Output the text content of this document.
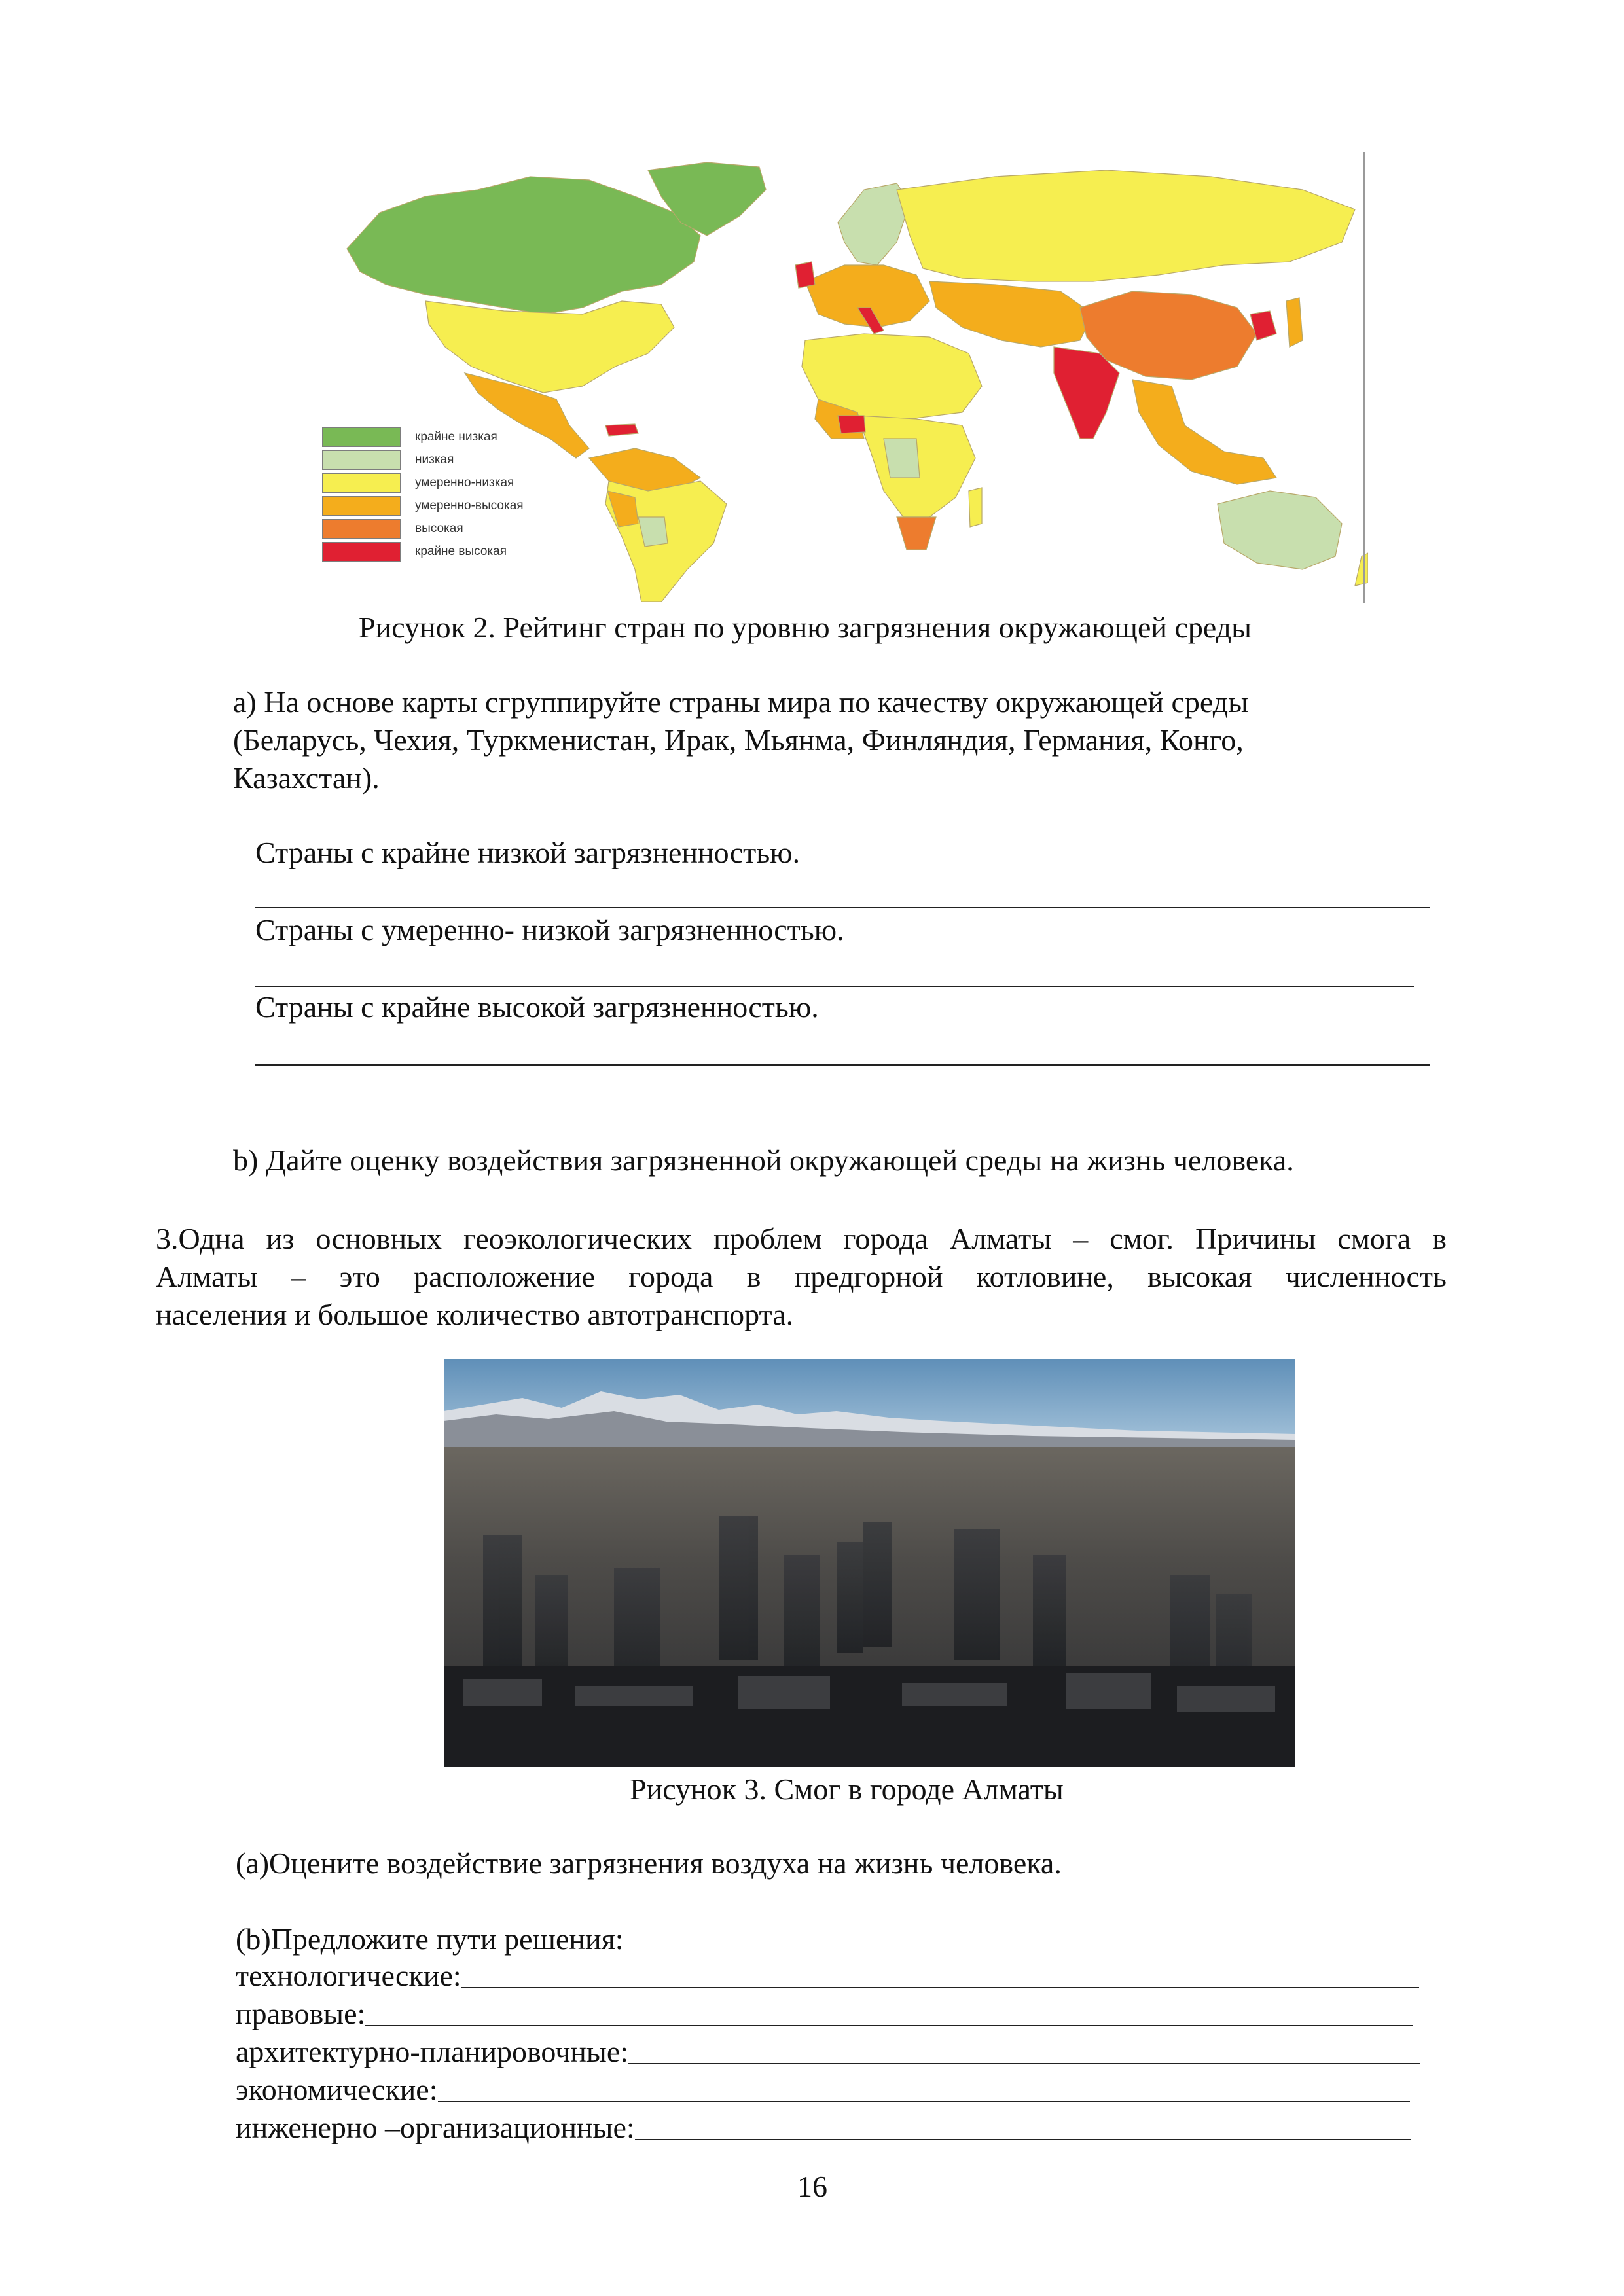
крайне низкая
низкая
умеренно-низкая
умеренно-высокая
высокая
крайне высокая
Рисунок 2. Рейтинг стран по уровню загрязнения окружающей среды
а) На основе карты сгруппируйте страны мира по качеству окружающей среды
(Беларусь, Чехия, Туркменистан, Ирак, Мьянма, Финляндия, Германия, Конго,
Казахстан).
Страны с крайне низкой загрязненностью.
Страны с умеренно- низкой загрязненностью.
Страны с крайне высокой загрязненностью.
b) Дайте оценку воздействия загрязненной окружающей среды на жизнь человека.
3.Одна из основных геоэкологических проблем города Алматы – смог. Причины смога в
Алматы – это расположение города в предгорной котловине, высокая численность
населения и большое количество автотранспорта.
Рисунок 3. Смог в городе Алматы
(a)Оцените воздействие загрязнения воздуха на жизнь человека.
(b)Предложите пути решения:
технологические:
правовые:
архитектурно-планировочные:
экономические:
инженерно –организационные:
16
